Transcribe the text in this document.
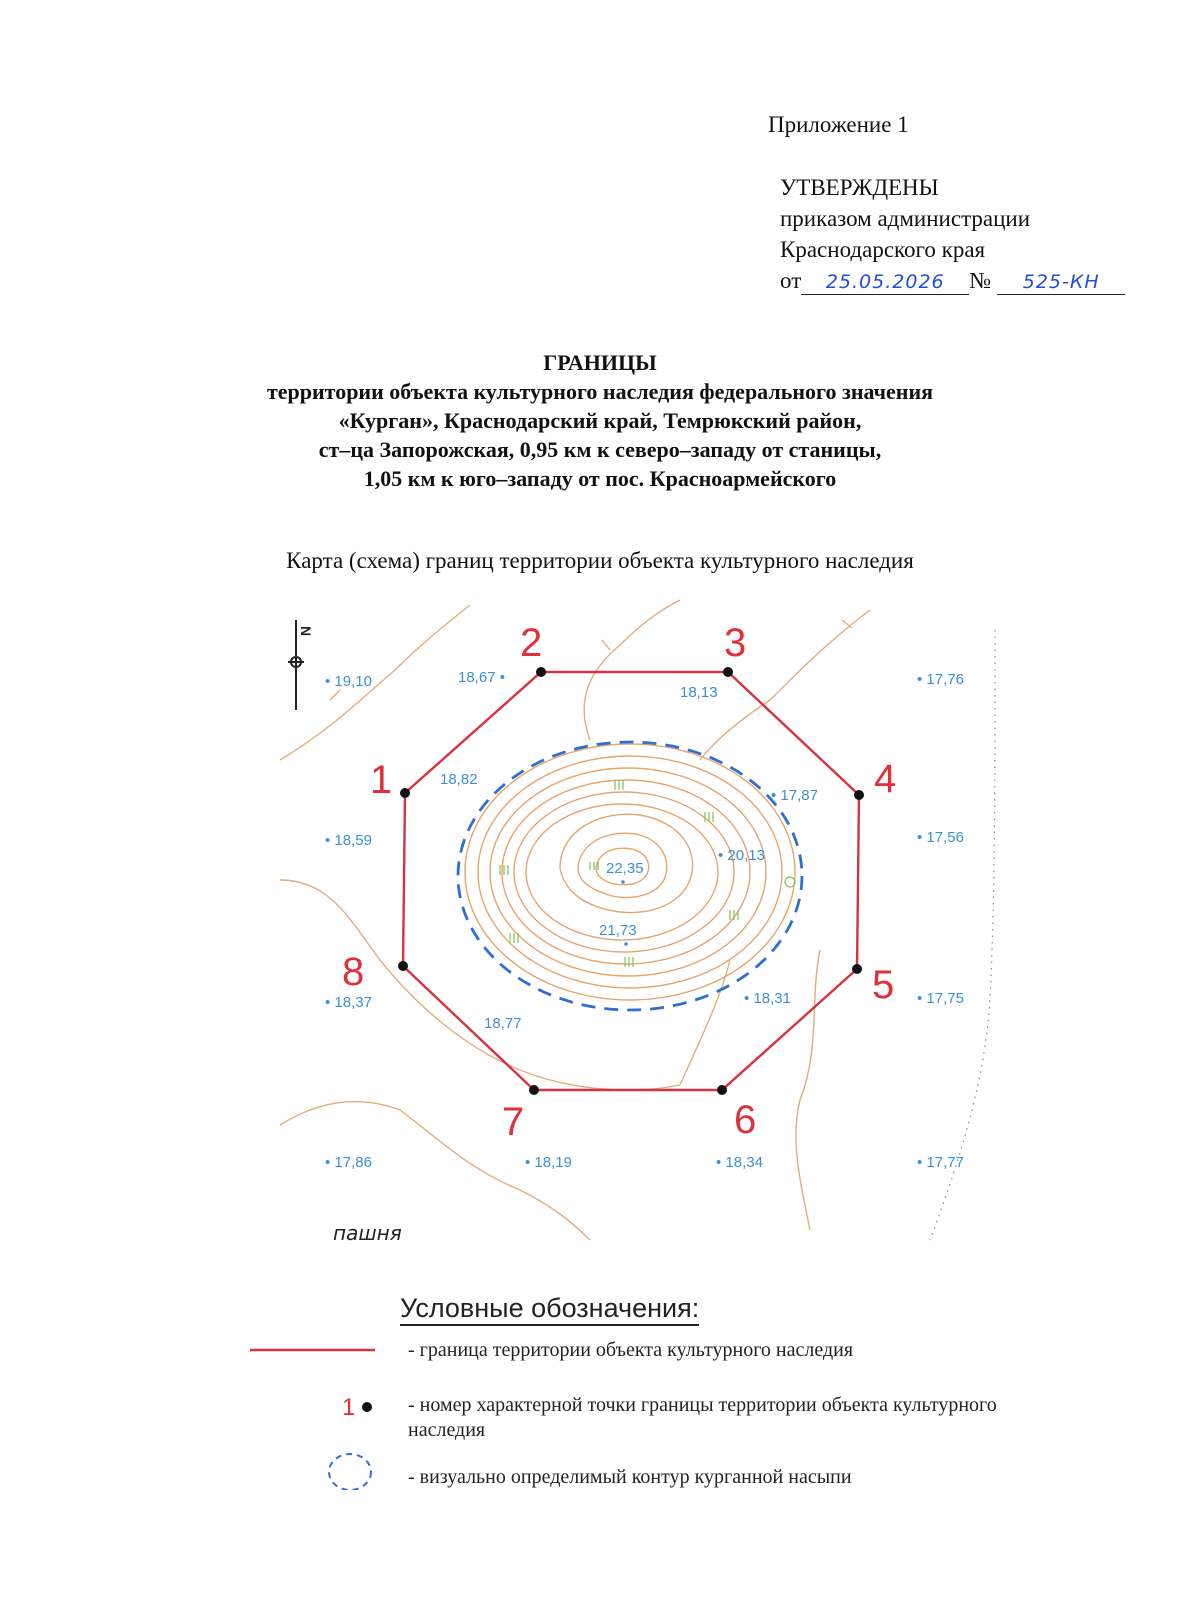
Приложение 1
УТВЕРЖДЕНЫ
приказом администрации
Краснодарского края
от 25.05.2026 № 525-КН
ГРАНИЦЫ
территории объекта культурного наследия федерального значения
«Курган», Краснодарский край, Темрюкский район,
ст–ца Запорожская, 0,95 км к северо–западу от станицы,
1,05 км к юго–западу от пос. Красноармейского
Карта (схема) границ территории объекта культурного наследия
N
1
2	3
4
5
6
7
8
• 19,10	18,67 •
18,13
• 17,76
18,82
• 17,87
• 18,59
• 20,13
• 17,56
22,35
21,73
• 18,37	• 18,31	• 17,75
18,77
• 17,86	• 18,19	• 18,34	• 17,77
пашня
Условные обозначения:
1
- граница территории объекта культурного наследия
- номер характерной точки границы территории объекта культурного наследия
- визуально определимый контур курганной насыпи
